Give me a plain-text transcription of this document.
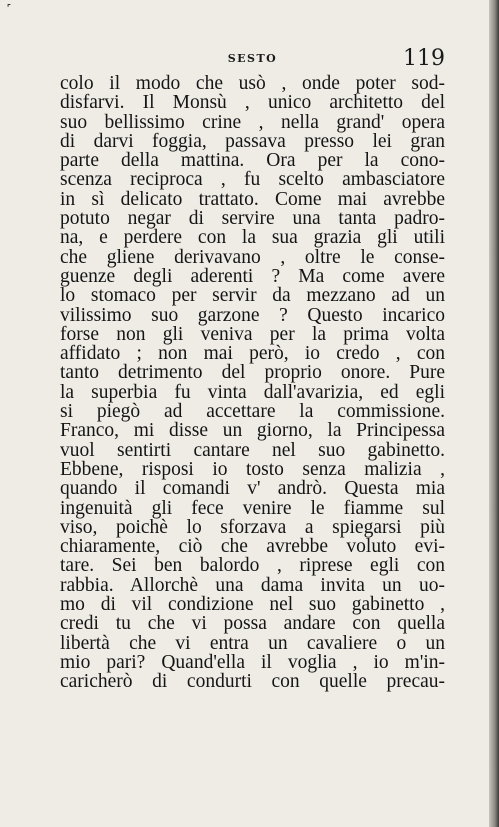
˹
SESTO	119
colo il modo che usò , onde poter sod-
disfarvi. Il Monsù , unico architetto del
suo bellissimo crine , nella grand' opera
di darvi foggia, passava presso lei gran
parte della mattina. Ora per la cono-
scenza reciproca , fu scelto ambasciatore
in sì delicato trattato. Come mai avrebbe
potuto negar di servire una tanta padro-
na, e perdere con la sua grazia gli utili
che gliene derivavano , oltre le conse-
guenze degli aderenti ? Ma come avere
lo stomaco per servir da mezzano ad un
vilissimo suo garzone ? Questo incarico
forse non gli veniva per la prima volta
affidato ; non mai però, io credo , con
tanto detrimento del proprio onore. Pure
la superbia fu vinta dall'avarizia, ed egli
si piegò ad accettare la commissione.
Franco, mi disse un giorno, la Principessa
vuol sentirti cantare nel suo gabinetto.
Ebbene, risposi io tosto senza malizia ,
quando il comandi v' andrò. Questa mia
ingenuità gli fece venire le fiamme sul
viso, poichè lo sforzava a spiegarsi più
chiaramente, ciò che avrebbe voluto evi-
tare. Sei ben balordo , riprese egli con
rabbia. Allorchè una dama invita un uo-
mo di vil condizione nel suo gabinetto ,
credi tu che vi possa andare con quella
libertà che vi entra un cavaliere o un
mio pari? Quand'ella il voglia , io m'in-
caricherò di condurti con quelle precau-
